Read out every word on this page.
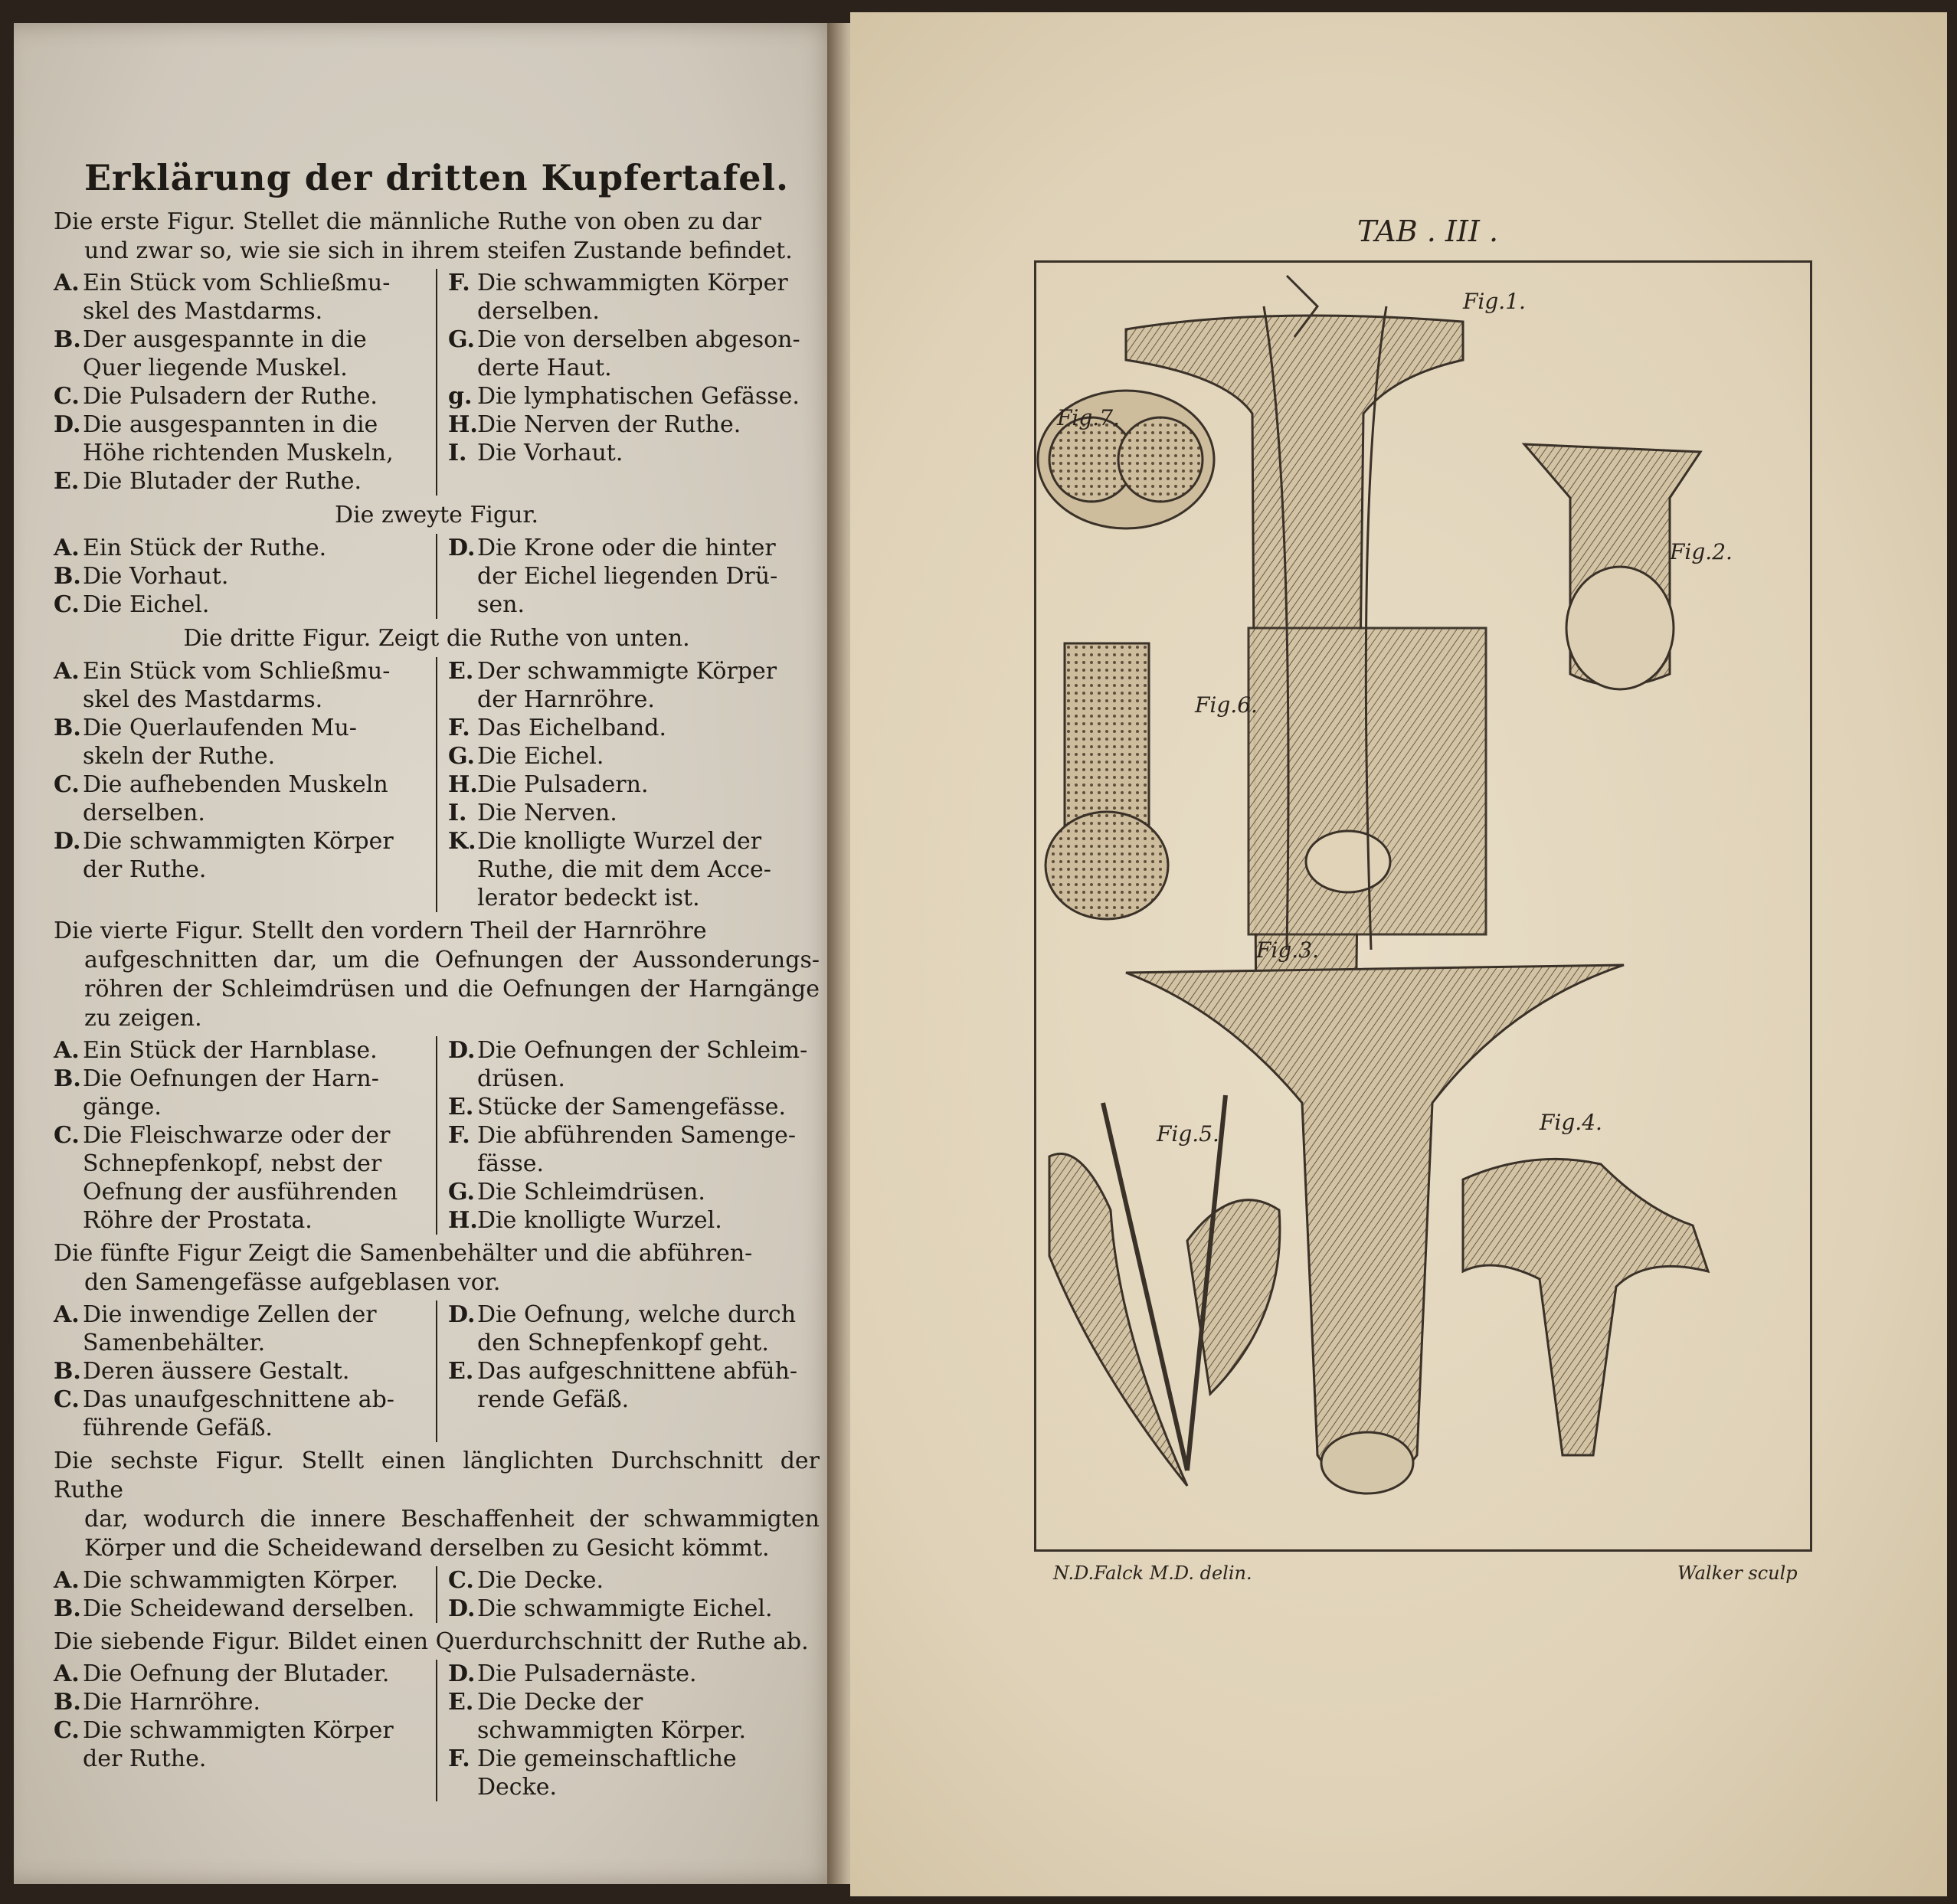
Erklärung der dritten Kupfertafel.

Die erste Figur. Stellet die männliche Ruthe von oben zu dar
und zwar so, wie sie sich in ihrem steifen Zustande befindet.

A. Ein Stück vom Schließmu- skel des Mastdarms.
B. Der ausgespannte in die Quer liegende Muskel.
C. Die Pulsadern der Ruthe.
D. Die ausgespannten in die Höhe richtenden Muskeln,
E. Die Blutader der Ruthe.
F. Die schwammigten Körper derselben.
G. Die von derselben abgeson- derte Haut.
g. Die lymphatischen Gefässe.
H. Die Nerven der Ruthe.
I. Die Vorhaut.

Die zweyte Figur.

A. Ein Stück der Ruthe.
B. Die Vorhaut.
C. Die Eichel.
D. Die Krone oder die hinter der Eichel liegenden Drü- sen.

Die dritte Figur. Zeigt die Ruthe von unten.

A. Ein Stück vom Schließmu- skel des Mastdarms.
B. Die Querlaufenden Mu- skeln der Ruthe.
C. Die aufhebenden Muskeln derselben.
D. Die schwammigten Körper der Ruthe.
E. Der schwammigte Körper der Harnröhre.
F. Das Eichelband.
G. Die Eichel.
H. Die Pulsadern.
I. Die Nerven.
K. Die knolligte Wurzel der Ruthe, die mit dem Acce- lerator bedeckt ist.

Die vierte Figur. Stellt den vordern Theil der Harnröhre
aufgeschnitten dar, um die Oefnungen der Aussonderungs- röhren der Schleimdrüsen und die Oefnungen der Harngänge zu zeigen.

A. Ein Stück der Harnblase.
B. Die Oefnungen der Harn- gänge.
C. Die Fleischwarze oder der Schnepfenkopf, nebst der Oefnung der ausführenden Röhre der Prostata.
D. Die Oefnungen der Schleim- drüsen.
E. Stücke der Samengefässe.
F. Die abführenden Samenge- fässe.
G. Die Schleimdrüsen.
H. Die knolligte Wurzel.

Die fünfte Figur Zeigt die Samenbehälter und die abführen-
den Samengefässe aufgeblasen vor.

A. Die inwendige Zellen der Samenbehälter.
B. Deren äussere Gestalt.
C. Das unaufgeschnittene ab- führende Gefäß.
D. Die Oefnung, welche durch den Schnepfenkopf geht.
E. Das aufgeschnittene abfüh- rende Gefäß.

Die sechste Figur. Stellt einen länglichten Durchschnitt der Ruthe
dar, wodurch die innere Beschaffenheit der schwammigten Körper und die Scheidewand derselben zu Gesicht kömmt.

A. Die schwammigten Körper.
B. Die Scheidewand derselben.
C. Die Decke.
D. Die schwammigte Eichel.

Die siebende Figur. Bildet einen Querdurchschnitt der Ruthe ab.

A. Die Oefnung der Blutader.
B. Die Harnröhre.
C. Die schwammigten Körper der Ruthe.
D. Die Pulsadernäste.
E. Die Decke der schwammigten Körper.
F. Die gemeinschaftliche Decke.
TAB . III .
Fig.1.
Fig.2.
Fig.3.
Fig.4.
Fig.5.
Fig.6.
Fig.7.
N.D.Falck M.D. delin.	Walker sculp
